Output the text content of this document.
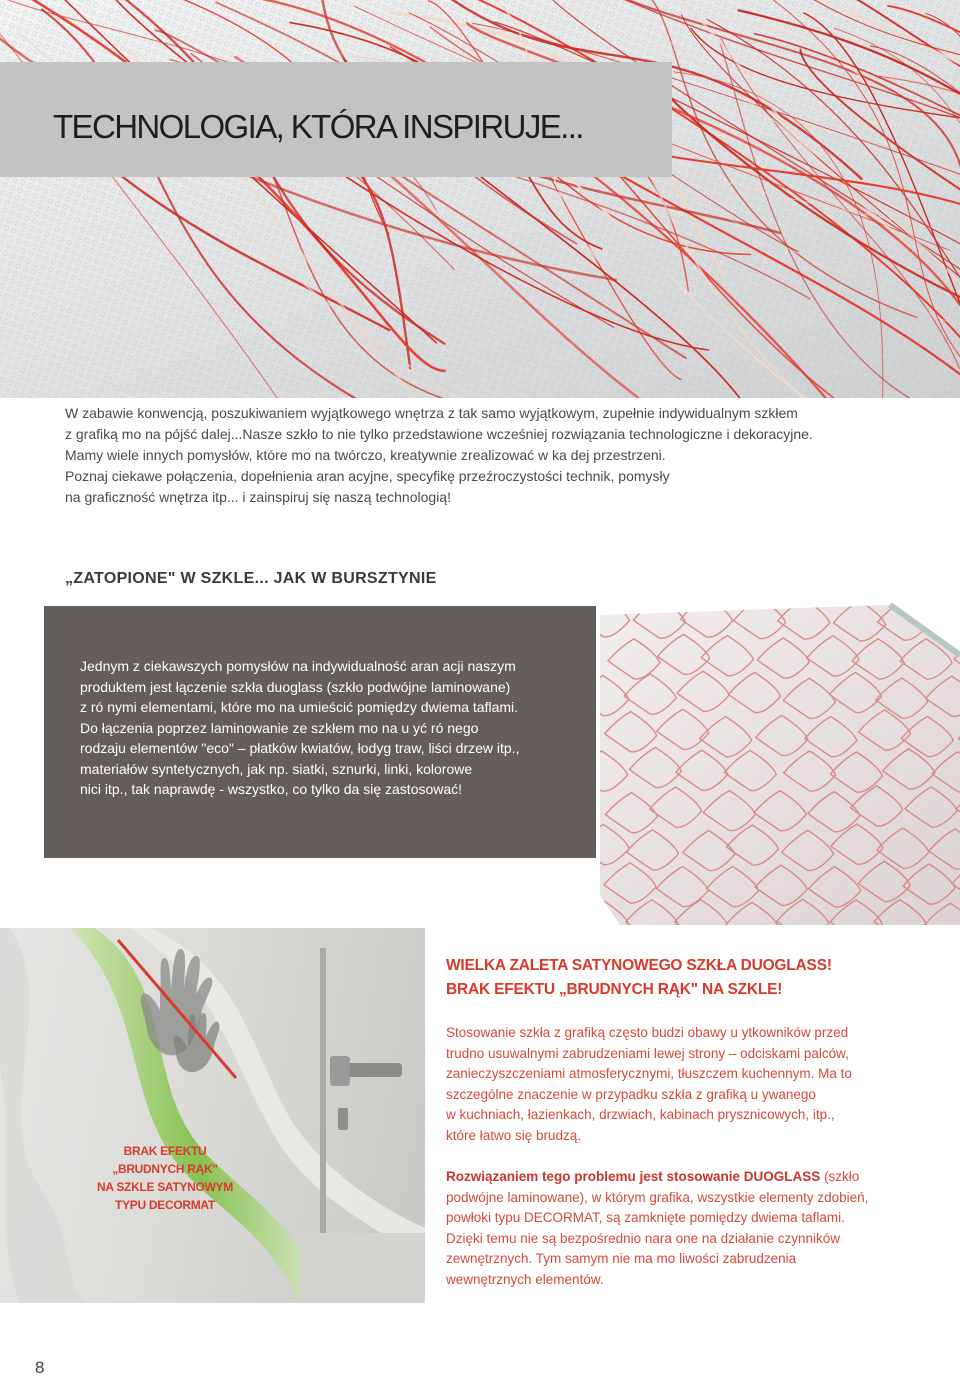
TECHNOLOGIA, KTÓRA INSPIRUJE...

W zabawie konwencją, poszukiwaniem wyjątkowego wnętrza z tak samo wyjątkowym, zupełnie indywidualnym szkłem

z grafiką mo na pójść dalej...Nasze szkło to nie tylko przedstawione wcześniej rozwiązania technologiczne i dekoracyjne.

Mamy wiele innych pomysłów, które mo na twórczo, kreatywnie zrealizować w ka dej przestrzeni.

Poznaj ciekawe połączenia, dopełnienia aran acyjne, specyfikę przeźroczystości technik, pomysły

na graficzność wnętrza itp... i zainspiruj się naszą technologią!

„ZATOPIONE" W SZKLE... JAK W BURSZTYNIE

Jednym z ciekawszych pomysłów na indywidualność aran acji naszym

produktem jest łączenie szkła duoglass (szkło podwójne laminowane)

z ró nymi elementami, które mo na umieścić pomiędzy dwiema taflami.

Do łączenia poprzez laminowanie ze szkłem mo na u yć ró nego

rodzaju elementów "eco" – płatków kwiatów, łodyg traw, liści drzew itp.,

materiałów syntetycznych, jak np. siatki, sznurki, linki, kolorowe

nici itp., tak naprawdę - wszystko, co tylko da się zastosować!

BRAK EFEKTU
„BRUDNYCH RĄK"
NA SZKLE SATYNOWYM
TYPU DECORMAT
WIELKA ZALETA SATYNOWEGO SZKŁA DUOGLASS!
BRAK EFEKTU „BRUDNYCH RĄK" NA SZKLE!
Stosowanie szkła z grafiką często budzi obawy u ytkowników przed
trudno usuwalnymi zabrudzeniami lewej strony – odciskami palców,
zanieczyszczeniami atmosferycznymi, tłuszczem kuchennym. Ma to
szczególne znaczenie w przypadku szkła z grafiką u ywanego
w kuchniach, łazienkach, drzwiach, kabinach prysznicowych, itp.,
które łatwo się brudzą.
Rozwiązaniem tego problemu jest stosowanie DUOGLASS (szkło
podwójne laminowane), w którym grafika, wszystkie elementy zdobień,
powłoki typu DECORMAT, są zamknięte pomiędzy dwiema taflami.
Dzięki temu nie są bezpośrednio nara one na działanie czynników
zewnętrznych. Tym samym nie ma mo liwości zabrudzenia
wewnętrznych elementów.
8
